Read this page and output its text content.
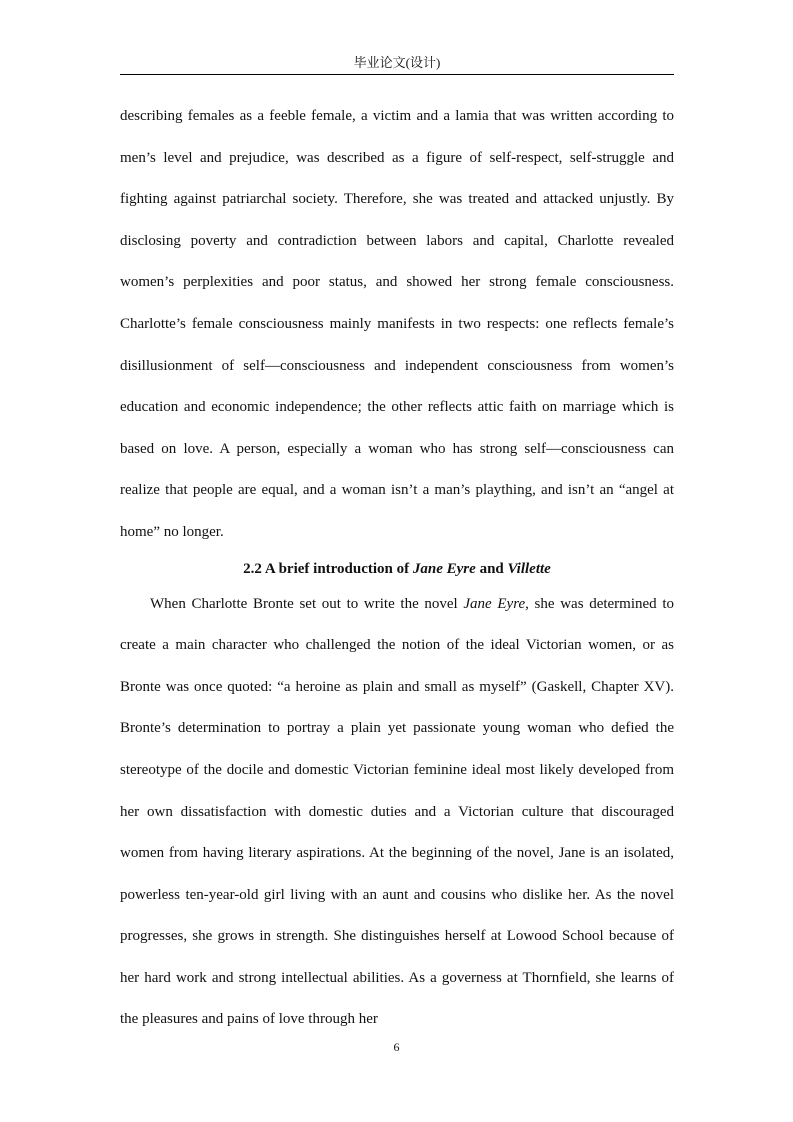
毕业论文(设计)

describing females as a feeble female, a victim and a lamia that was written according to men’s level and prejudice, was described as a figure of self-respect, self-struggle and fighting against patriarchal society. Therefore, she was treated and attacked unjustly. By disclosing poverty and contradiction between labors and capital, Charlotte revealed women’s perplexities and poor status, and showed her strong female consciousness. Charlotte’s female consciousness mainly manifests in two respects: one reflects female’s disillusionment of self—consciousness and independent consciousness from women’s education and economic independence; the other reflects attic faith on marriage which is based on love. A person, especially a woman who has strong self—consciousness can realize that people are equal, and a woman isn’t a man’s plaything, and isn’t an “angel at home” no longer.

2.2 A brief introduction of Jane Eyre and Villette

When Charlotte Bronte set out to write the novel Jane Eyre, she was determined to create a main character who challenged the notion of the ideal Victorian women, or as Bronte was once quoted: “a heroine as plain and small as myself” (Gaskell, Chapter XV). Bronte’s determination to portray a plain yet passionate young woman who defied the stereotype of the docile and domestic Victorian feminine ideal most likely developed from her own dissatisfaction with domestic duties and a Victorian culture that discouraged women from having literary aspirations. At the beginning of the novel, Jane is an isolated, powerless ten-year-old girl living with an aunt and cousins who dislike her. As the novel progresses, she grows in strength. She distinguishes herself at Lowood School because of her hard work and strong intellectual abilities. As a governess at Thornfield, she learns of the pleasures and pains of love through her

6
